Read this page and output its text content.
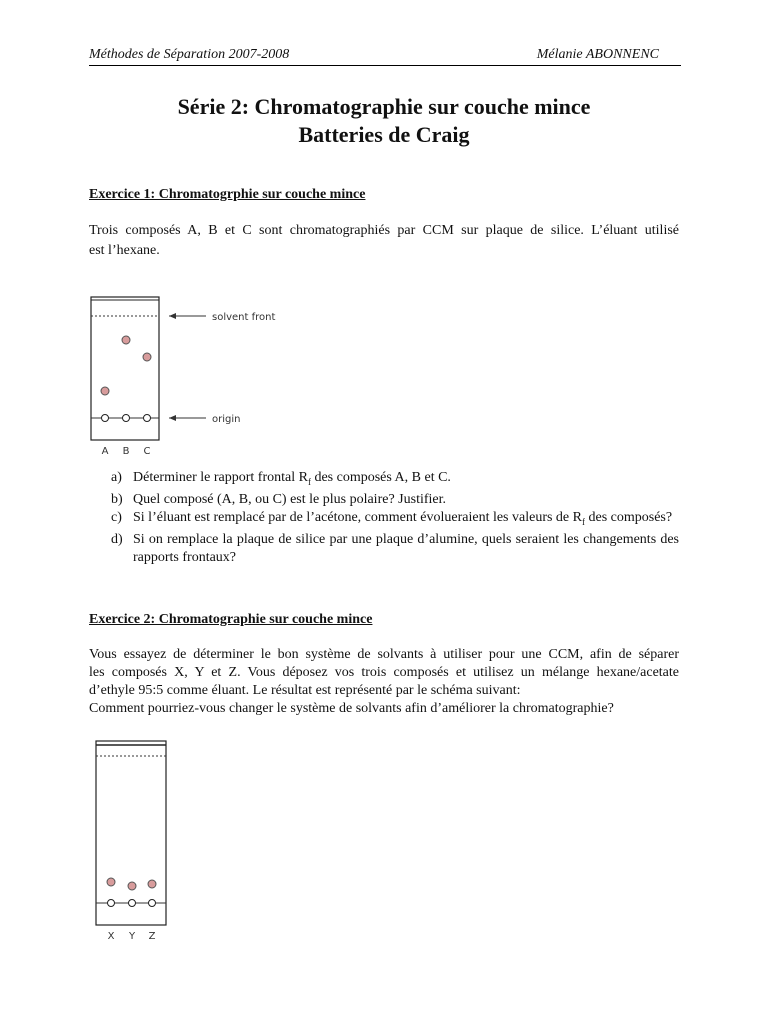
Méthodes de Séparation 2007-2008	Mélanie ABONNENC
Série 2: Chromatographie sur couche mince
Batteries de Craig
Exercice 1: Chromatogrphie sur couche mince
Trois composés A, B et C sont chromatographiés par CCM sur plaque de silice. L’éluant utilisé
est l’hexane.
solvent front
origin
A B C
a) Déterminer le rapport frontal $R_f$ des composés A, B et C.
b) Quel composé (A, B, ou C) est le plus polaire? Justifier.
c) Si l’éluant est remplacé par de l’acétone, comment évolueraient les valeurs de $R_f$ des composés?
d) Si on remplace la plaque de silice par une plaque d’alumine, quels seraient les changements des rapports frontaux?
Exercice 2: Chromatographie sur couche mince
Vous essayez de déterminer le bon système de solvants à utiliser pour une CCM, afin de séparer
les composés X, Y et Z. Vous déposez vos trois composés et utilisez un mélange hexane/acetate
d’ethyle 95:5 comme éluant. Le résultat est représenté par le schéma suivant:
Comment pourriez-vous changer le système de solvants afin d’améliorer la chromatographie?
X Y Z
